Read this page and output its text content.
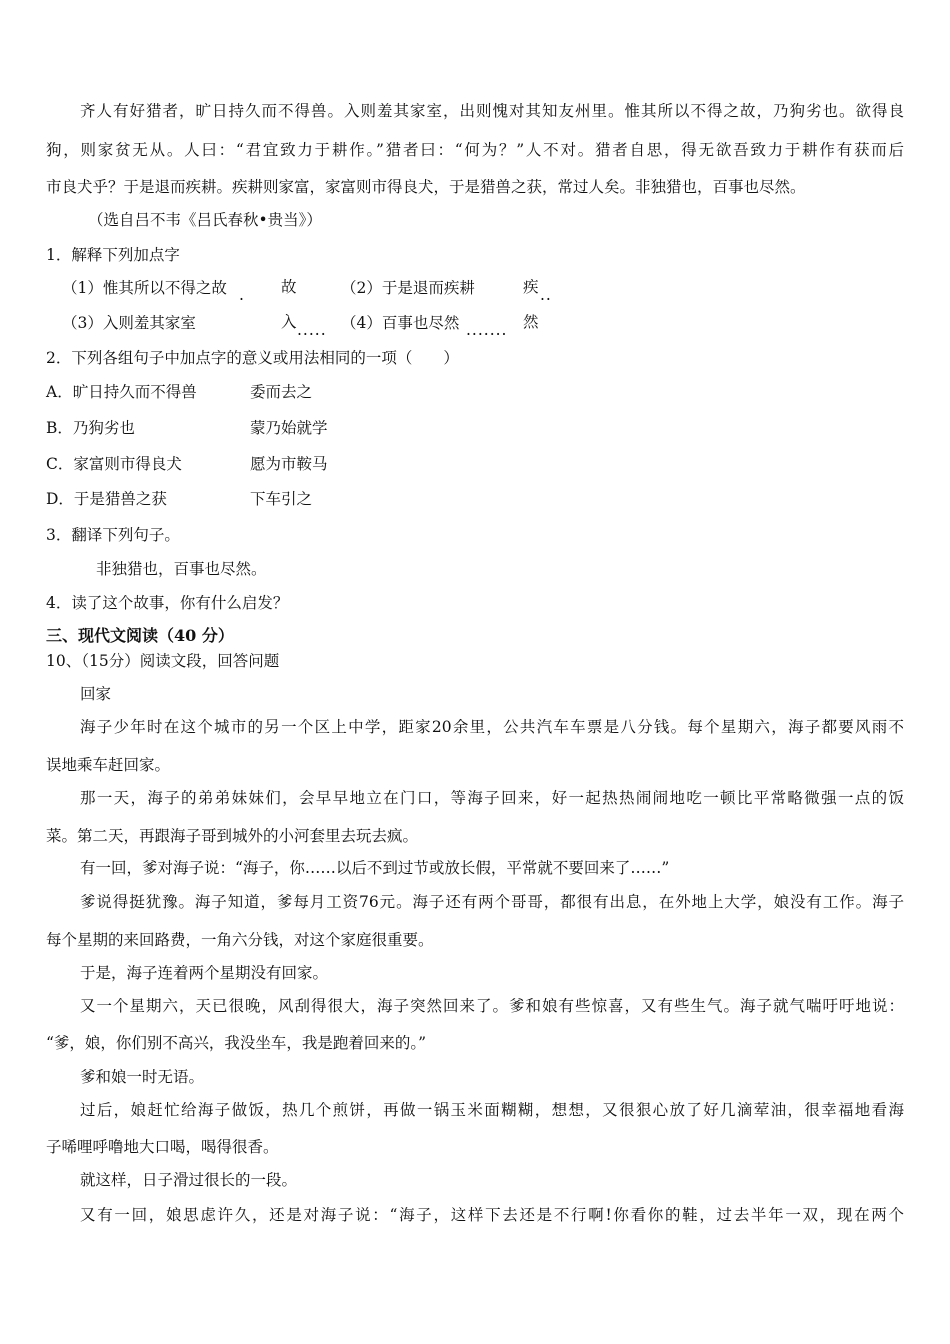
齐人有好猎者，旷日持久而不得兽。入则羞其家室，出则愧对其知友州里。惟其所以不得之故，乃狗劣也。欲得良
狗，则家贫无从。人曰：“君宜致力于耕作。”猎者曰：“何为？”人不对。猎者自思，得无欲吾致力于耕作有获而后
市良犬乎？于是退而疾耕。疾耕则家富，家富则市得良犬，于是猎兽之获，常过人矣。非独猎也，百事也尽然。
（选自吕不韦《吕氏春秋•贵当》）
1．解释下列加点字
（1）惟其所以不得之故 . 故	（2）于是退而疾耕	疾 ..
（3）入则羞其家室	入 ..... （4）百事也尽然 ....... 然
2．下列各组句子中加点字的意义或用法相同的一项（　　）
A．旷日持久而不得兽	委而去之
B．乃狗劣也	蒙乃始就学
C．家富则市得良犬	愿为市鞍马
D．于是猎兽之获	下车引之
3．翻译下列句子。
非独猎也，百事也尽然。
4．读了这个故事，你有什么启发？
三、现代文阅读（40 分）
10、（15分）阅读文段，回答问题
回家
海子少年时在这个城市的另一个区上中学，距家20余里，公共汽车车票是八分钱。每个星期六，海子都要风雨不
误地乘车赶回家。
那一天，海子的弟弟妹妹们，会早早地立在门口，等海子回来，好一起热热闹闹地吃一顿比平常略微强一点的饭
菜。第二天，再跟海子哥到城外的小河套里去玩去疯。
有一回，爹对海子说：“海子，你……以后不到过节或放长假，平常就不要回来了……”
爹说得挺犹豫。海子知道，爹每月工资76元。海子还有两个哥哥，都很有出息，在外地上大学，娘没有工作。海子
每个星期的来回路费，一角六分钱，对这个家庭很重要。
于是，海子连着两个星期没有回家。
又一个星期六，天已很晚，风刮得很大，海子突然回来了。爹和娘有些惊喜，又有些生气。海子就气喘吁吁地说：
“爹，娘，你们别不高兴，我没坐车，我是跑着回来的。”
爹和娘一时无语。
过后，娘赶忙给海子做饭，热几个煎饼，再做一锅玉米面糊糊，想想，又很狠心放了好几滴荤油，很幸福地看海
子唏哩呼噜地大口喝，喝得很香。
就这样，日子滑过很长的一段。
又有一回，娘思虑许久，还是对海子说：“海子，这样下去还是不行啊!你看你的鞋，过去半年一双，现在两个
